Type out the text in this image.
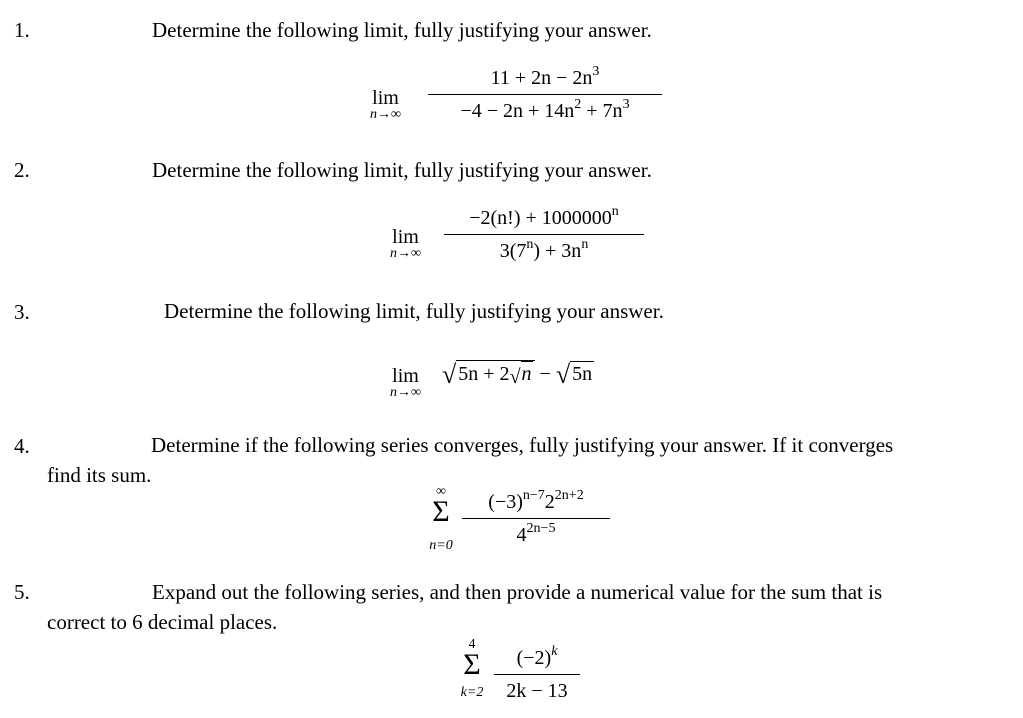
1.	Determine the following limit, fully justifying your answer.
lim
n→∞
$11 + 2n - 2n^3$
$-4 - 2n + 14n^2 + 7n^3$
2.	Determine the following limit, fully justifying your answer.
lim
n→∞
$-2(n!) + 1000000^n$
$3(7^n) + 3n^n$
3.	Determine the following limit, fully justifying your answer.
lim
n→∞
√ 5n + 2√n − √ 5n
4.	Determine if the following series converges, fully justifying your answer. If it converges
find its sum.
∞
Σ
n=0
$(-3)^{n-7}2^{2n+2}$
$4^{2n-5}$
5.	Expand out the following series, and then provide a numerical value for the sum that is
correct to 6 decimal places.
4
Σ
k=2
$(-2)^k$
2k − 13
